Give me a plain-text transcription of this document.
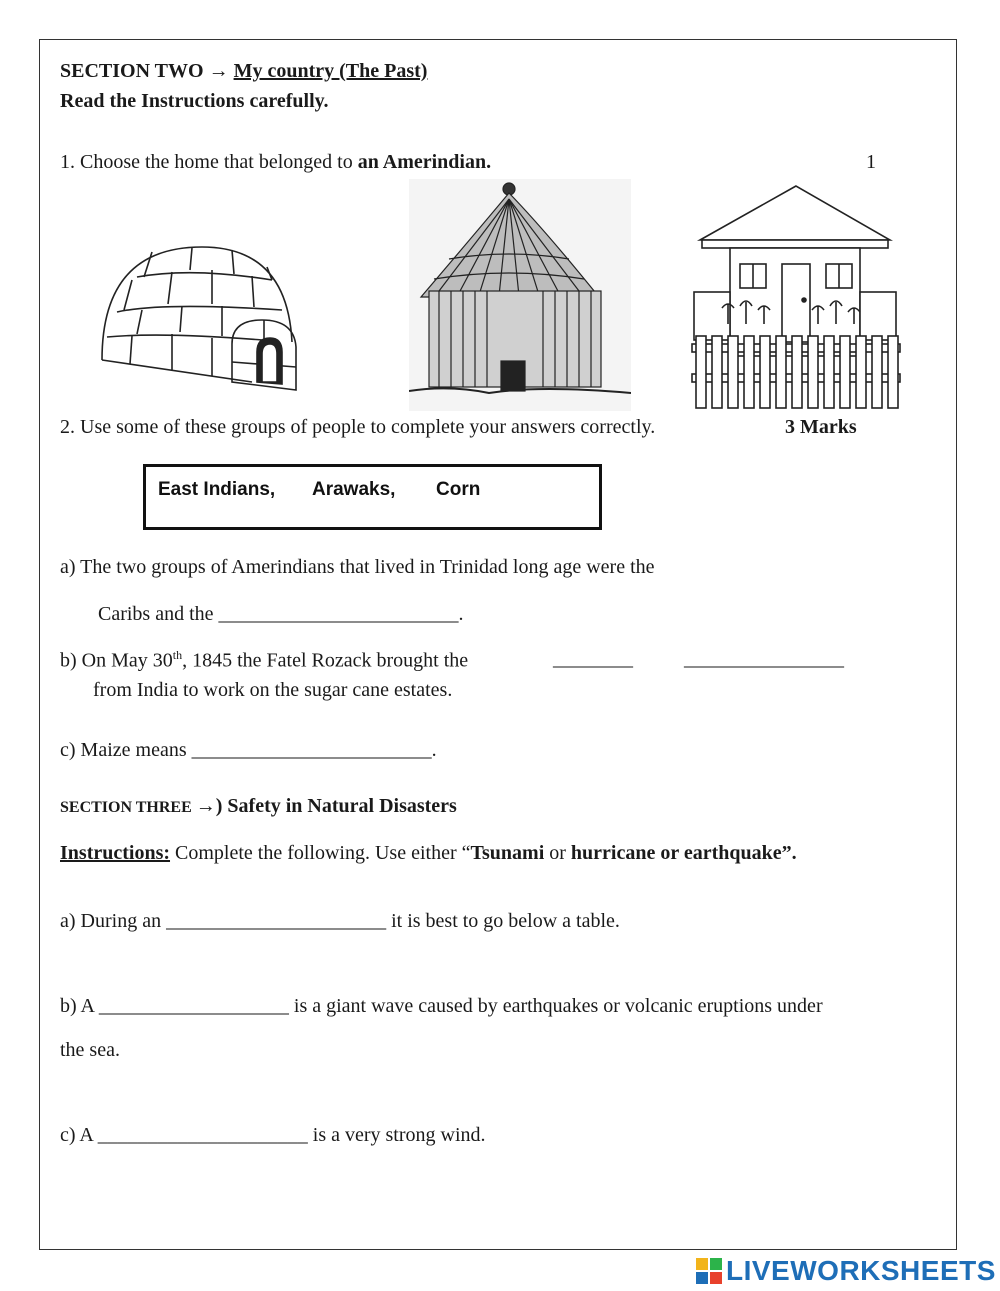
SECTION TWO → My country (The Past)
Read the Instructions carefully.
1. Choose the home that belonged to an Amerindian.	1
2. Use some of these groups of people to complete your answers correctly.	3 Marks
East Indians, Arawaks, Corn
a) The two groups of Amerindians that lived in Trinidad long age were the
Caribs and the ________________________.
b) On May 30th, 1845 the Fatel Rozack brought the	________	________________
from India to work on the sugar cane estates.
c) Maize means ________________________.
SECTION THREE →) Safety in Natural Disasters
Instructions: Complete the following. Use either “Tsunami or hurricane or earthquake”.
a) During an ______________________ it is best to go below a table.
b) A ___________________ is a giant wave caused by earthquakes or volcanic eruptions under
the sea.
c) A _____________________ is a very strong wind.
LIVEWORKSHEETS
